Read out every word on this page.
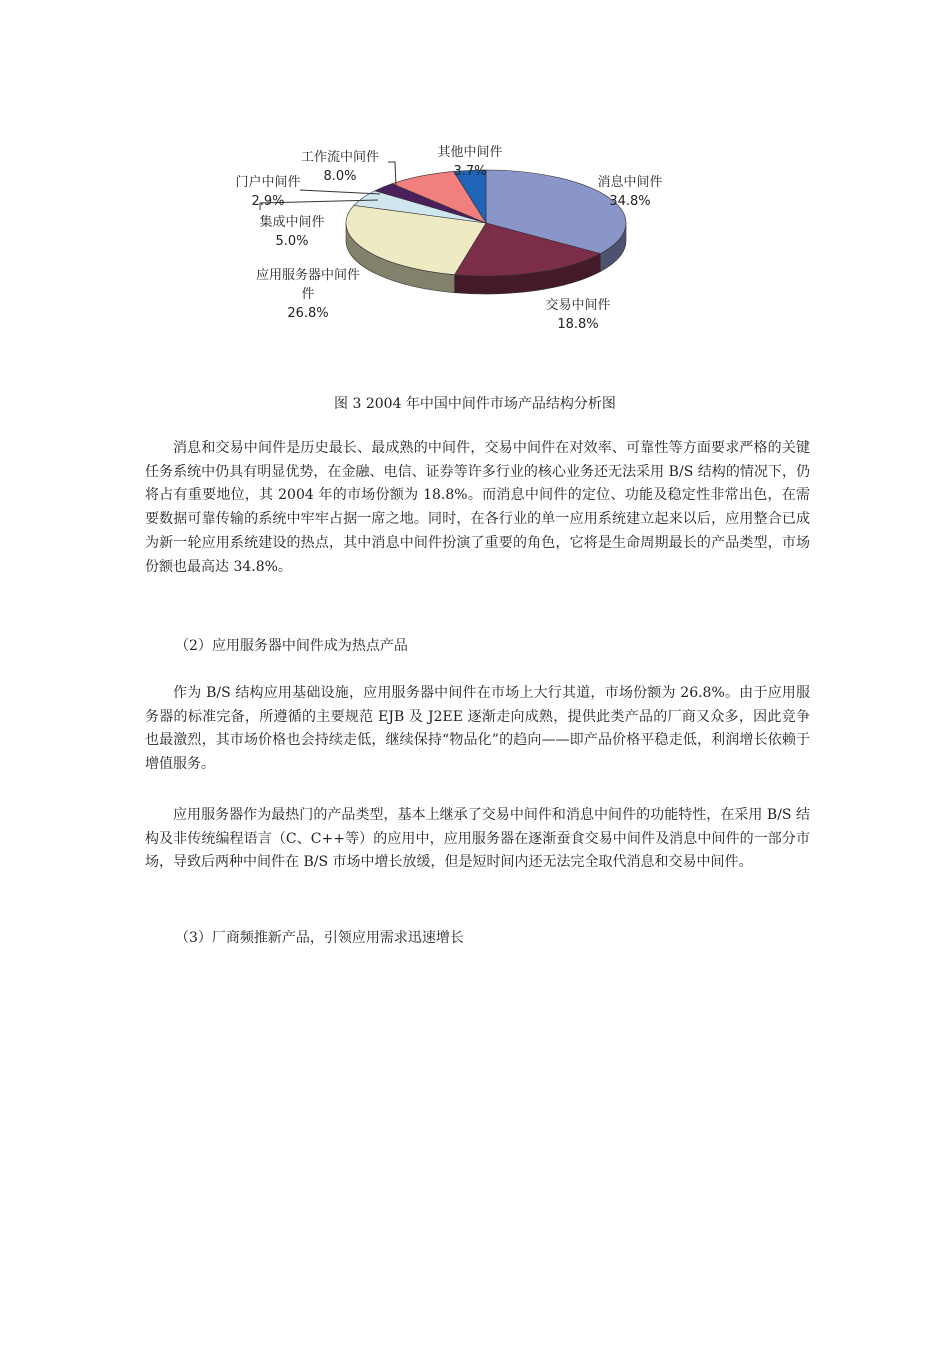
消息中间件
34.8%
交易中间件
18.8%
应用服务器中间件
件
26.8%
集成中间件
5.0%
门户中间件
2.9%
工作流中间件
8.0%
其他中间件
3.7%
图 3 2004 年中国中间件市场产品结构分析图

消息和交易中间件是历史最长、最成熟的中间件，交易中间件在对效率、可靠性等方面要求严格的关键任务系统中仍具有明显优势，在金融、电信、证券等许多行业的核心业务还无法采用 B/S 结构的情况下，仍将占有重要地位，其 2004 年的市场份额为 18.8%。而消息中间件的定位、功能及稳定性非常出色，在需要数据可靠传输的系统中牢牢占据一席之地。同时，在各行业的单一应用系统建立起来以后，应用整合已成为新一轮应用系统建设的热点，其中消息中间件扮演了重要的角色，它将是生命周期最长的产品类型，市场份额也最高达 34.8%。

（2）应用服务器中间件成为热点产品

作为 B/S 结构应用基础设施，应用服务器中间件在市场上大行其道，市场份额为 26.8%。由于应用服务器的标准完备，所遵循的主要规范 EJB 及 J2EE 逐渐走向成熟，提供此类产品的厂商又众多，因此竞争也最激烈，其市场价格也会持续走低，继续保持“物品化”的趋向——即产品价格平稳走低，利润增长依赖于增值服务。

应用服务器作为最热门的产品类型，基本上继承了交易中间件和消息中间件的功能特性，在采用 B/S 结构及非传统编程语言（C、C++等）的应用中，应用服务器在逐渐蚕食交易中间件及消息中间件的一部分市场，导致后两种中间件在 B/S 市场中增长放缓，但是短时间内还无法完全取代消息和交易中间件。

（3）厂商频推新产品，引领应用需求迅速增长
